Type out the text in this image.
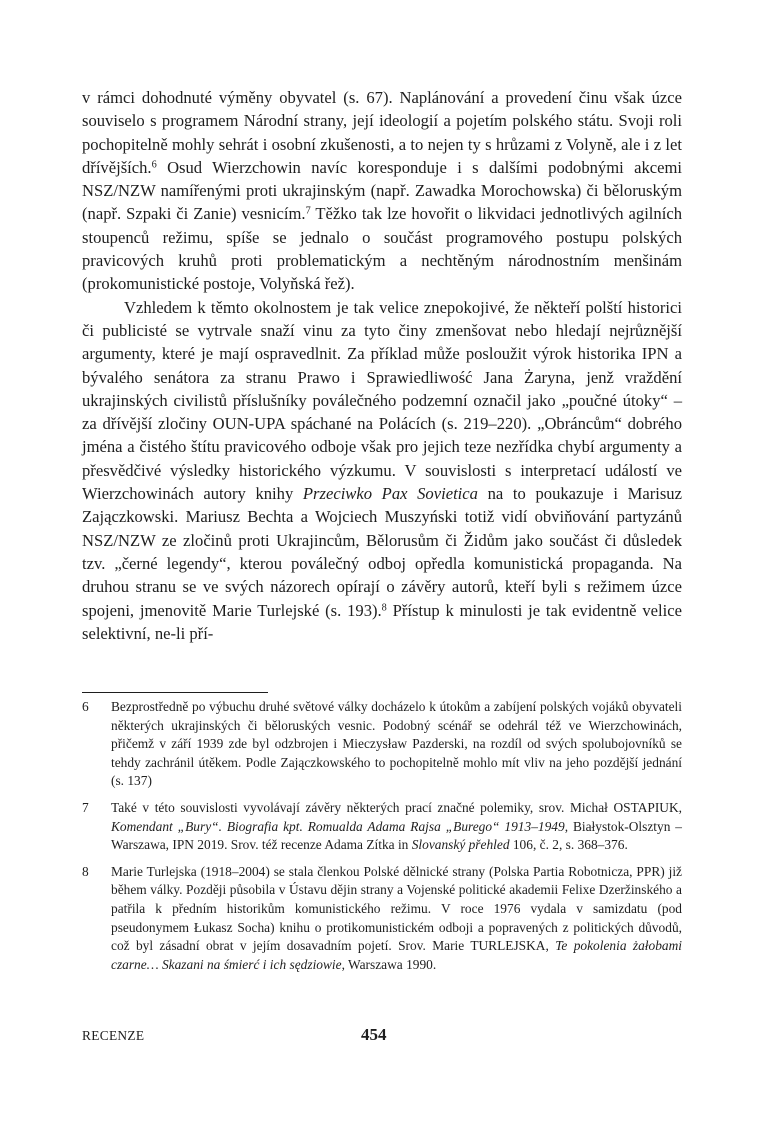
v rámci dohodnuté výměny obyvatel (s. 67). Naplánování a provedení činu však úzce souviselo s programem Národní strany, její ideologií a pojetím polského státu. Svoji roli pochopitelně mohly sehrát i osobní zkušenosti, a to nejen ty s hrůzami z Volyně, ale i z let dřívějších.$^6$ Osud Wierzchowin navíc koresponduje i s dalšími podobnými akcemi NSZ/NZW namířenými proti ukrajinským (např. Zawadka Morochowska) či běloruským (např. Szpaki či Zanie) vesnicím.$^7$ Těžko tak lze hovořit o likvidaci jednotlivých agilních stoupenců režimu, spíše se jednalo o součást programového postupu polských pravicových kruhů proti problematickým a nechtěným národnostním menšinám (prokomunistické postoje, Volyňská řež).

Vzhledem k těmto okolnostem je tak velice znepokojivé, že někteří polští historici či publicisté se vytrvale snaží vinu za tyto činy zmenšovat nebo hledají nejrůznější argumenty, které je mají ospravedlnit. Za příklad může posloužit výrok historika IPN a bývalého senátora za stranu Prawo i Sprawiedliwość Jana Żaryna, jenž vraždění ukrajinských civilistů příslušníky poválečného podzemní označil jako „poučné útoky“ – za dřívější zločiny OUN-UPA spáchané na Polácích (s. 219–220). „Obráncům“ dobrého jména a čistého štítu pravicového odboje však pro jejich teze nezřídka chybí argumenty a přesvědčivé výsledky historického výzkumu. V souvislosti s interpretací událostí ve Wierzchowinách autory knihy Przeciwko Pax Sovietica na to poukazuje i Marisuz Zajączkowski. Mariusz Bechta a Wojciech Muszyński totiž vidí obviňování partyzánů NSZ/NZW ze zločinů proti Ukrajincům, Bělorusům či Židům jako součást či důsledek tzv. „černé legendy“, kterou poválečný odboj opředla komunistická propaganda. Na druhou stranu se ve svých názorech opírají o závěry autorů, kteří byli s režimem úzce spojeni, jmenovitě Marie Turlejské (s. 193).$^8$ Přístup k minulosti je tak evidentně velice selektivní, ne-li pří-

6	Bezprostředně po výbuchu druhé světové války docházelo k útokům a zabíjení polských vojáků obyvateli některých ukrajinských či běloruských vesnic. Podobný scénář se odehrál též ve Wierzchowinách, přičemž v září 1939 zde byl odzbrojen i Mieczysław Pazderski, na rozdíl od svých spolubojovníků se tehdy zachránil útěkem. Podle Zajączkowského to pochopitelně mohlo mít vliv na jeho pozdější jednání (s. 137)
7	Také v této souvislosti vyvolávají závěry některých prací značné polemiky, srov. Michał OSTAPIUK, Komendant „Bury“. Biografia kpt. Romualda Adama Rajsa „Burego“ 1913–1949, Białystok-Olsztyn – Warszawa, IPN 2019. Srov. též recenze Adama Zítka in Slovanský přehled 106, č. 2, s. 368–376.
8	Marie Turlejska (1918–2004) se stala členkou Polské dělnické strany (Polska Partia Robotnicza, PPR) již během války. Později působila v Ústavu dějin strany a Vojenské politické akademii Felixe Dzeržinského a patřila k předním historikům komunistického režimu. V roce 1976 vydala v samizdatu (pod pseudonymem Łukasz Socha) knihu o protikomunistickém odboji a popravených z politických důvodů, což byl zásadní obrat v jejím dosavadním pojetí. Srov. Marie TURLEJSKA, Te pokolenia żałobami czarne… Skazani na śmierć i ich sędziowie, Warszawa 1990.
RECENZE	454
